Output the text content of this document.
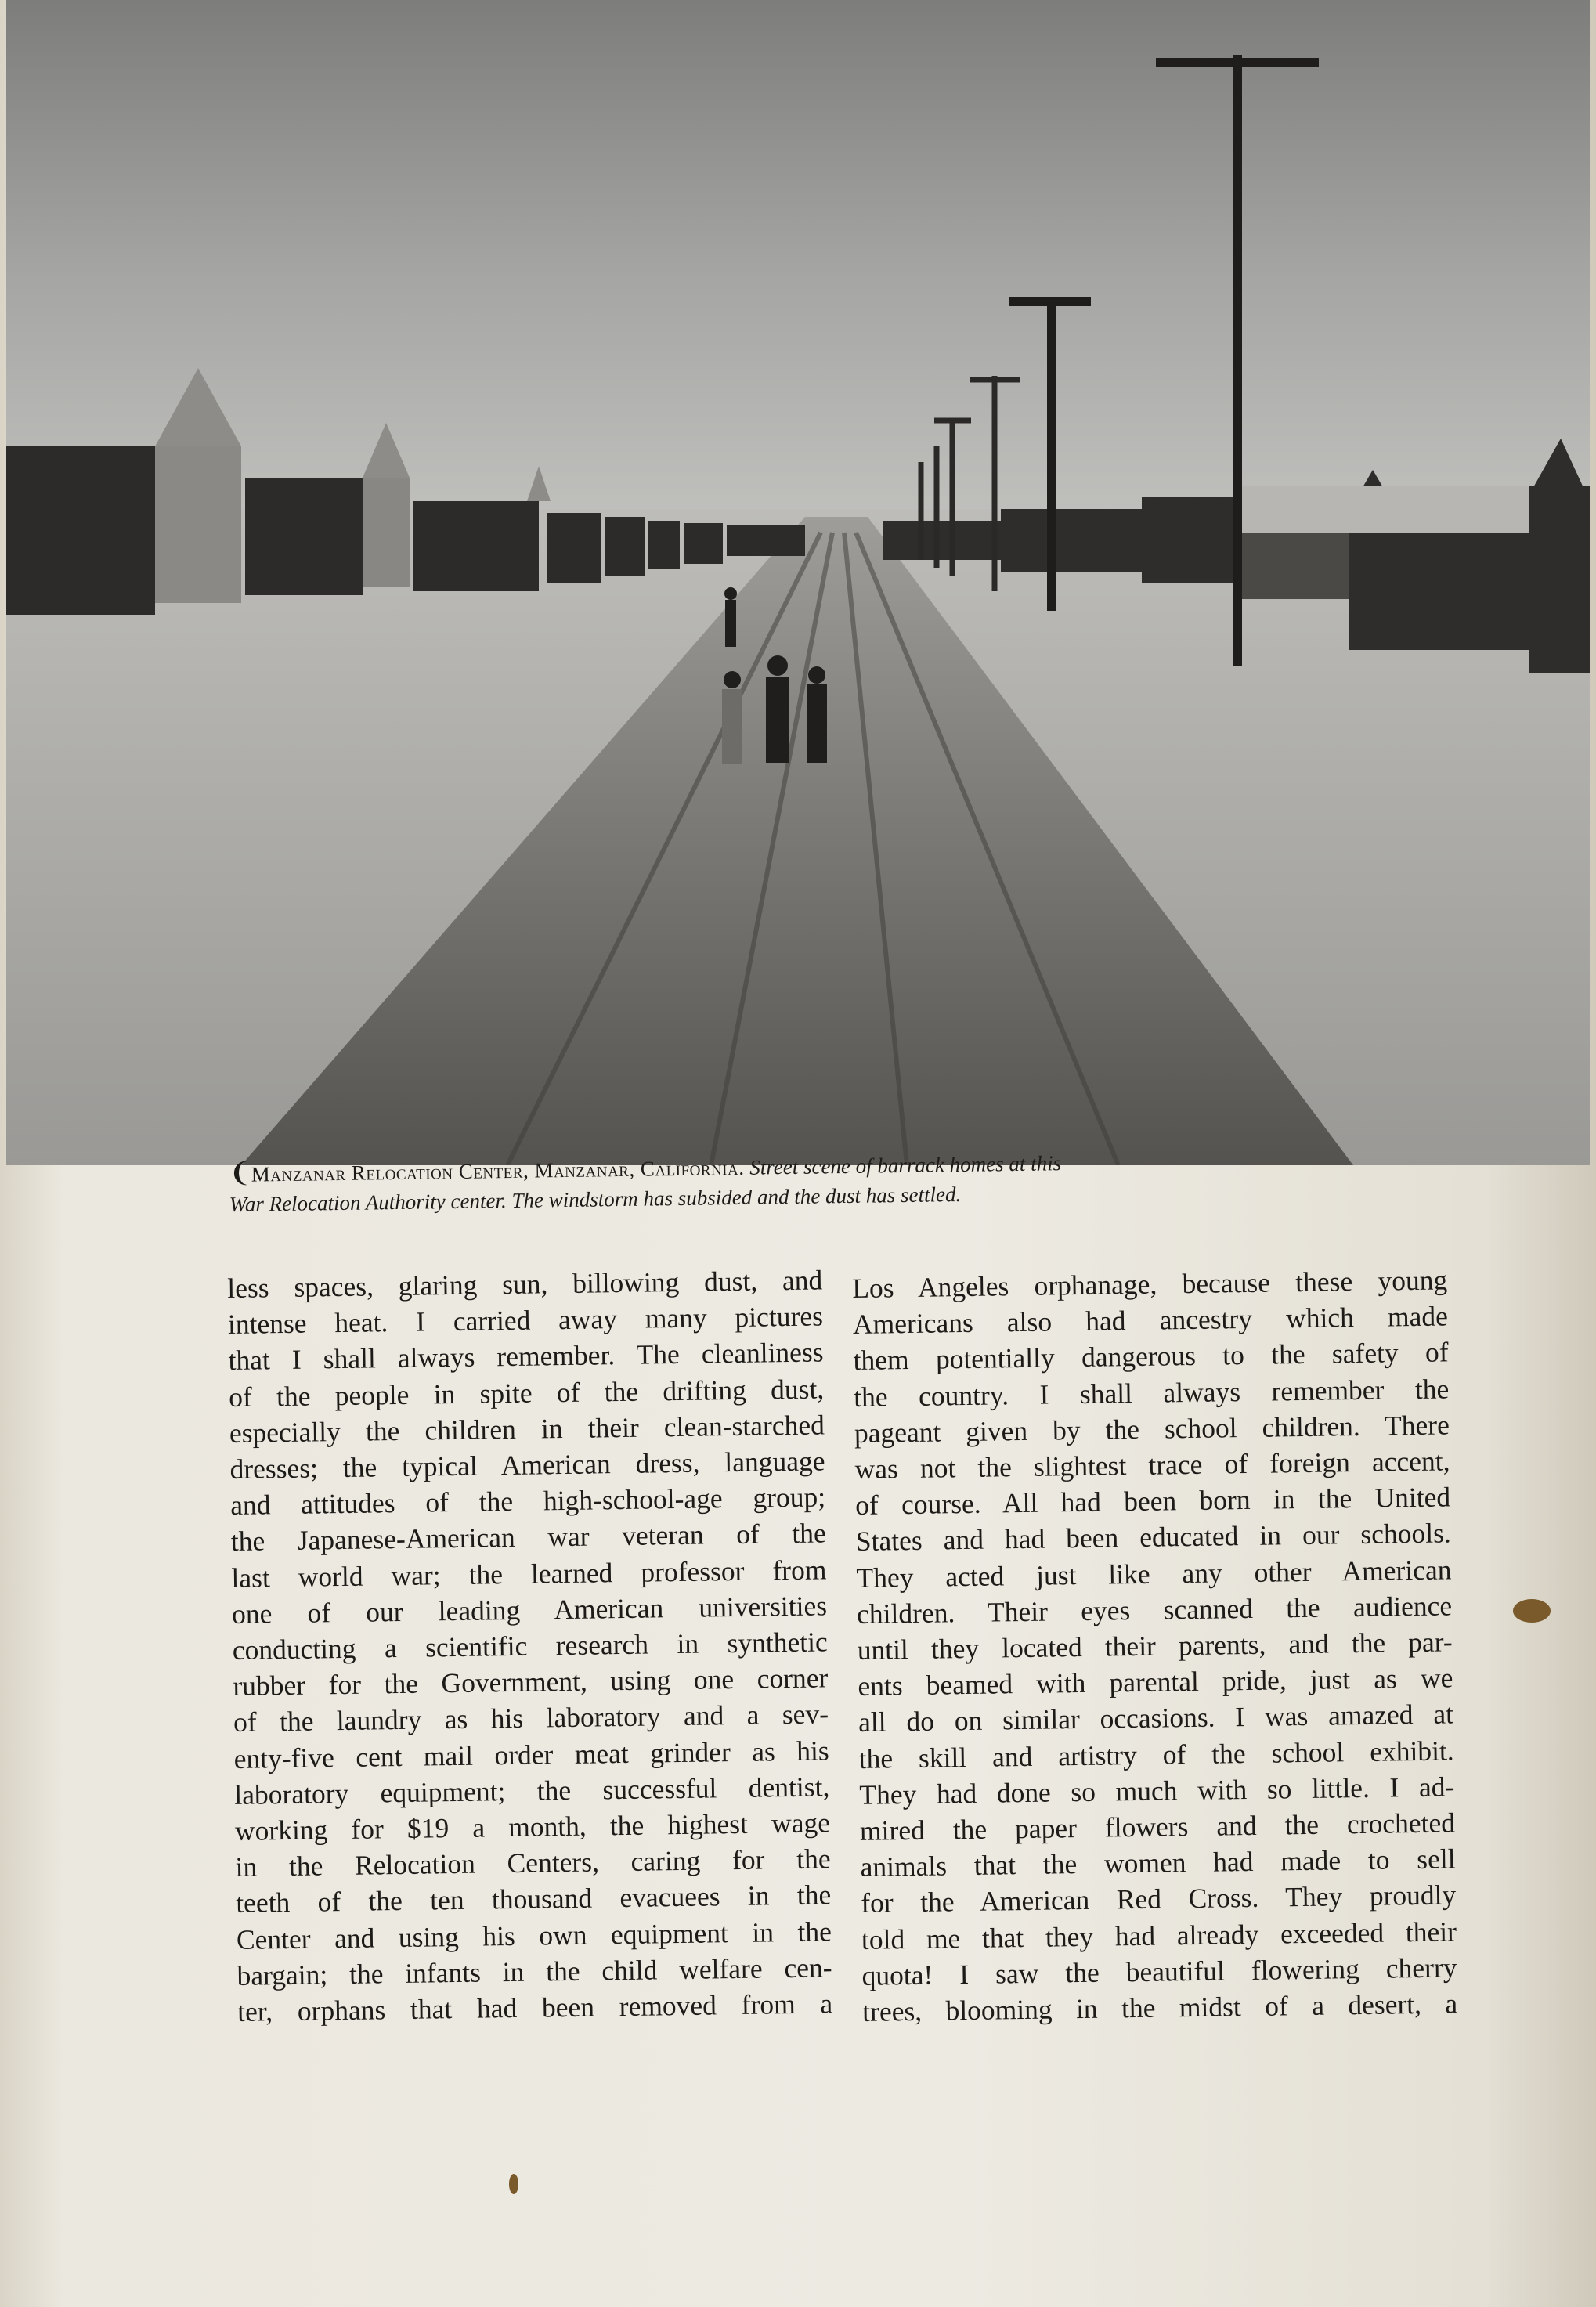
❨Manzanar Relocation Center, Manzanar, California. Street scene of barrack homes at this
War Relocation Authority center. The windstorm has subsided and the dust has settled.
less spaces, glaring sun, billowing dust, and
intense heat. I carried away many pictures
that I shall always remember. The cleanliness
of the people in spite of the drifting dust,
especially the children in their clean-starched
dresses; the typical American dress, language
and attitudes of the high-school-age group;
the Japanese-American war veteran of the
last world war; the learned professor from
one of our leading American universities
conducting a scientific research in synthetic
rubber for the Government, using one corner
of the laundry as his laboratory and a sev-
enty-five cent mail order meat grinder as his
laboratory equipment; the successful dentist,
working for $19 a month, the highest wage
in the Relocation Centers, caring for the
teeth of the ten thousand evacuees in the
Center and using his own equipment in the
bargain; the infants in the child welfare cen-
ter, orphans that had been removed from a
Los Angeles orphanage, because these young
Americans also had ancestry which made
them potentially dangerous to the safety of
the country. I shall always remember the
pageant given by the school children. There
was not the slightest trace of foreign accent,
of course. All had been born in the United
States and had been educated in our schools.
They acted just like any other American
children. Their eyes scanned the audience
until they located their parents, and the par-
ents beamed with parental pride, just as we
all do on similar occasions. I was amazed at
the skill and artistry of the school exhibit.
They had done so much with so little. I ad-
mired the paper flowers and the crocheted
animals that the women had made to sell
for the American Red Cross. They proudly
told me that they had already exceeded their
quota! I saw the beautiful flowering cherry
trees, blooming in the midst of a desert, a
